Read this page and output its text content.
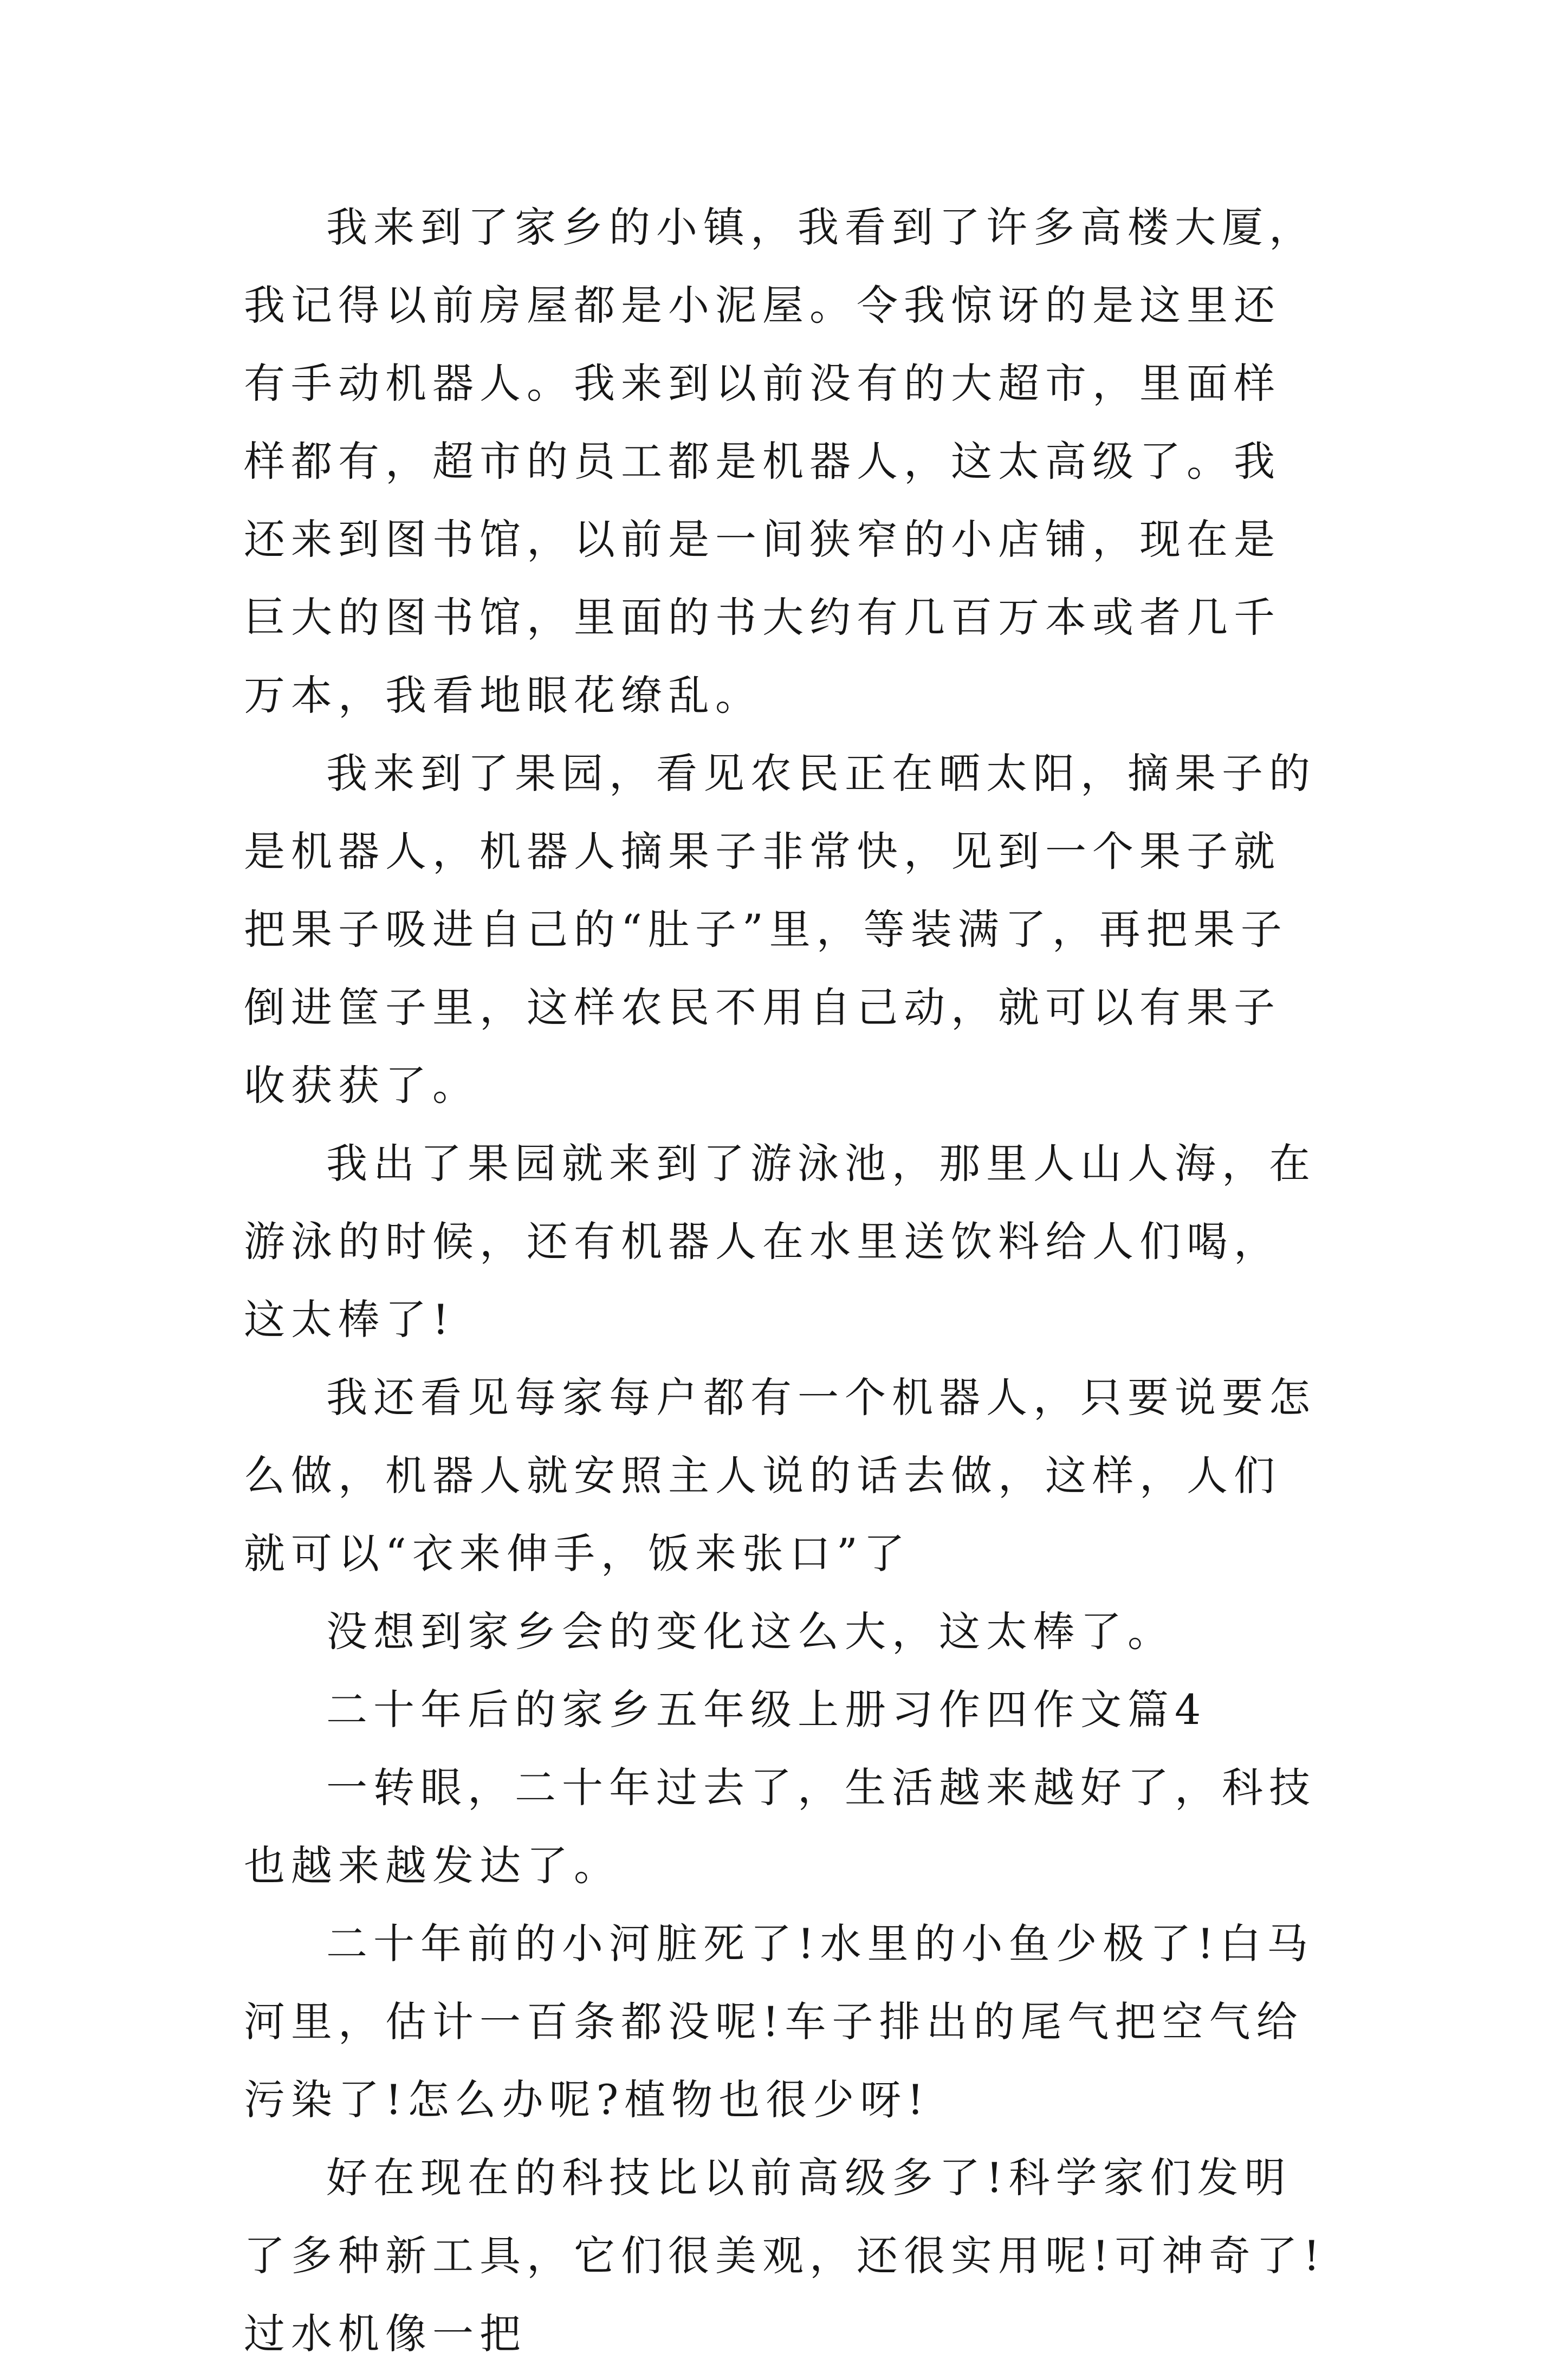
我来到了家乡的小镇，我看到了许多高楼大厦，我记得以前房屋都是小泥屋。令我惊讶的是这里还有手动机器人。我来到以前没有的大超市，里面样样都有，超市的员工都是机器人，这太高级了。我还来到图书馆，以前是一间狭窄的小店铺，现在是巨大的图书馆，里面的书大约有几百万本或者几千万本，我看地眼花缭乱。

我来到了果园，看见农民正在晒太阳，摘果子的是机器人，机器人摘果子非常快，见到一个果子就把果子吸进自己的“肚子”里，等装满了，再把果子倒进筐子里，这样农民不用自己动，就可以有果子收获获了。

我出了果园就来到了游泳池，那里人山人海，在游泳的时候，还有机器人在水里送饮料给人们喝，这太棒了!

我还看见每家每户都有一个机器人，只要说要怎么做，机器人就安照主人说的话去做，这样，人们就可以“衣来伸手，饭来张口”了

没想到家乡会的变化这么大，这太棒了。

二十年后的家乡五年级上册习作四作文篇4

一转眼，二十年过去了，生活越来越好了，科技也越来越发达了。

二十年前的小河脏死了!水里的小鱼少极了!白马河里，估计一百条都没呢!车子排出的尾气把空气给污染了!怎么办呢?植物也很少呀!

好在现在的科技比以前高级多了!科学家们发明了多种新工具，它们很美观，还很实用呢!可神奇了!过水机像一把
